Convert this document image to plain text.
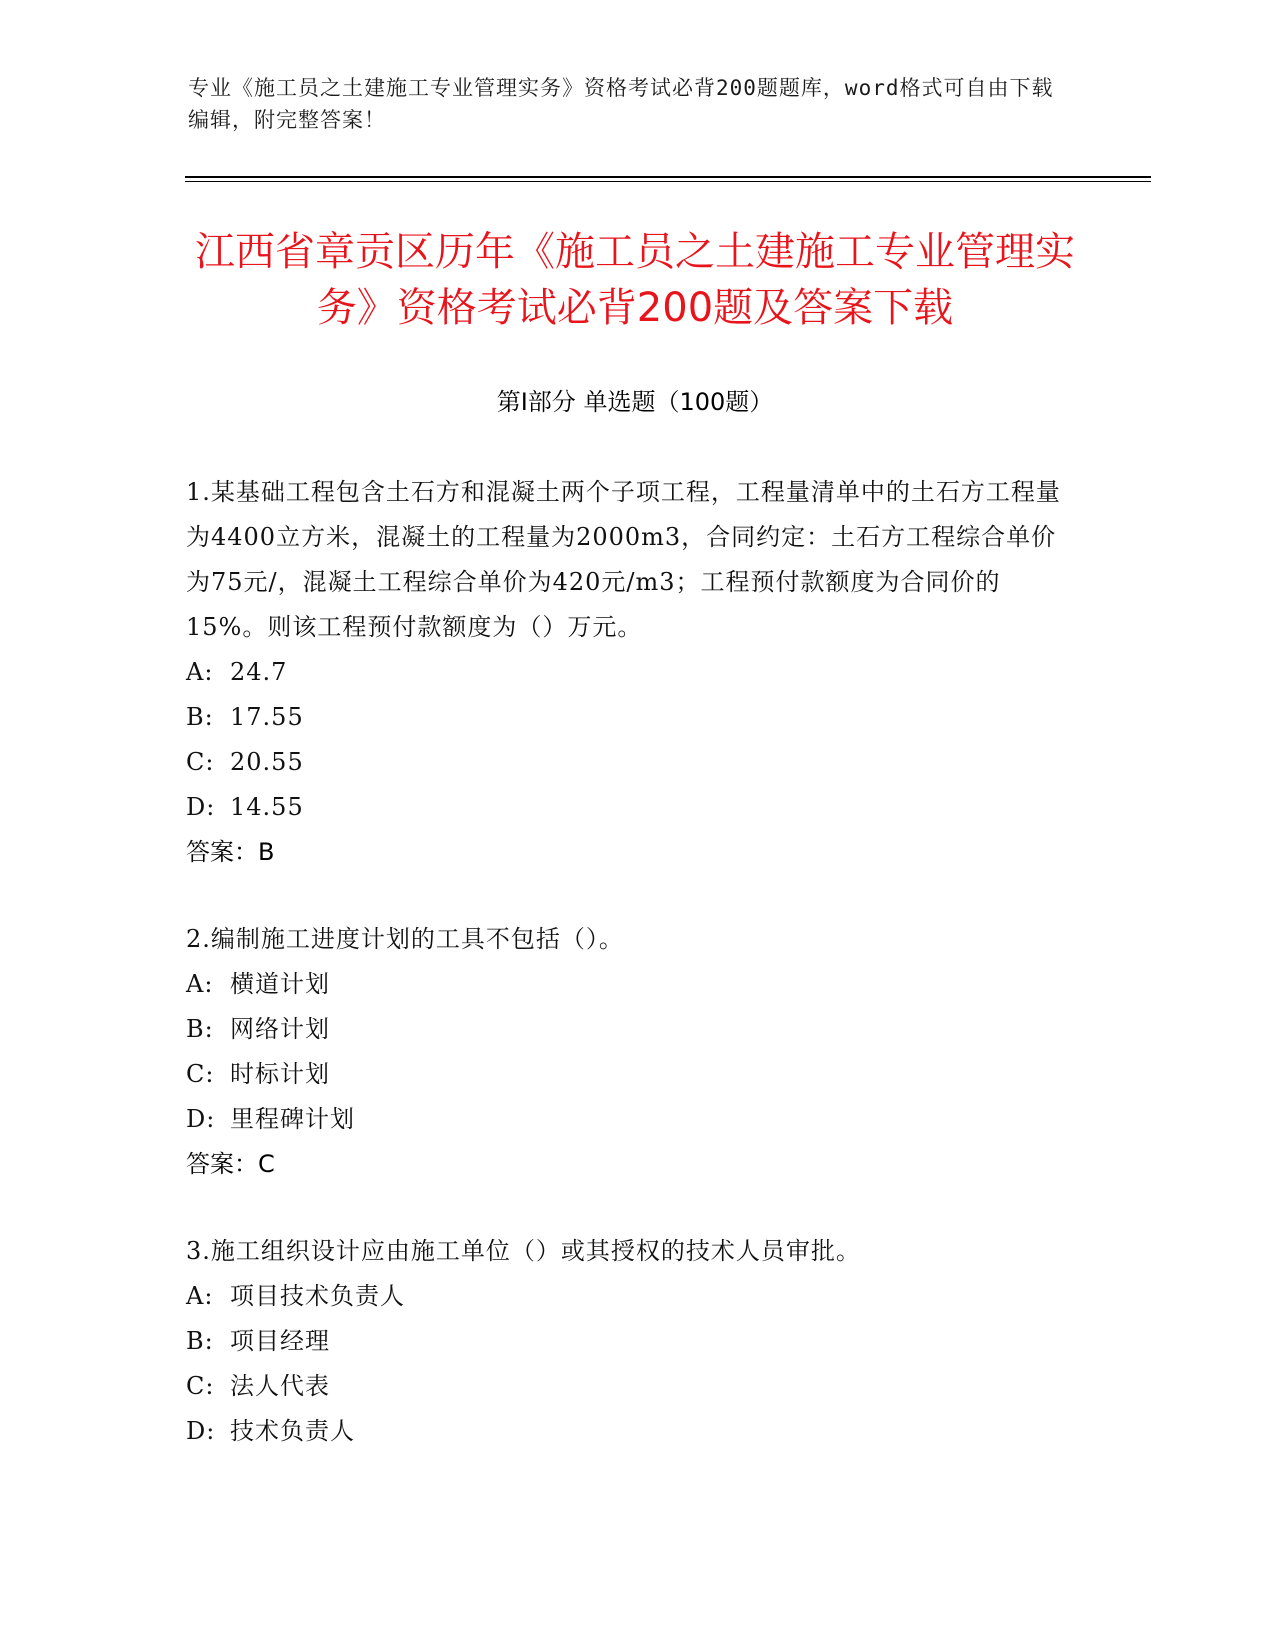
专业《施工员之土建施工专业管理实务》资格考试必背200题题库，word格式可自由下载编辑，附完整答案！
江西省章贡区历年《施工员之土建施工专业管理实务》资格考试必背200题及答案下载
第Ⅰ部分 单选题（100题）

1.某基础工程包含土石方和混凝土两个子项工程，工程量清单中的土石方工程量为4400立方米，混凝土的工程量为2000m3，合同约定：土石方工程综合单价为75元/，混凝土工程综合单价为420元/m3；工程预付款额度为合同价的15%。则该工程预付款额度为（）万元。

A: 24.7
B: 17.55
C: 20.55
D: 14.55
答案：B

2.编制施工进度计划的工具不包括（）。

A: 横道计划
B: 网络计划
C: 时标计划
D: 里程碑计划
答案：C

3.施工组织设计应由施工单位（）或其授权的技术人员审批。

A: 项目技术负责人
B: 项目经理
C: 法人代表
D: 技术负责人
